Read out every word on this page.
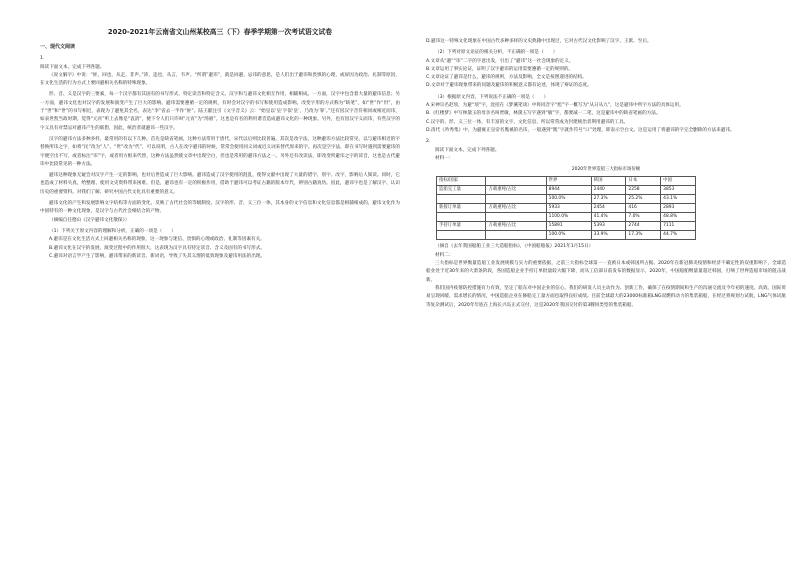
2020-2021年云南省文山州某校高三（下）春季学期第一次考试语文试卷
一、现代文阅读

1.

阅读下面文本，完成下列各题。

《说文解字》中说：“匪，回也，从走，非声。”沛，违也，从言，韦声。“所谓”避讳”，就是回避、忌讳的意思，是人们出于避讳和畏惧的心理，或屏因为政治、礼制等原因，在文化生活的行为方式上要回避相关名称的特殊现象。

形、音、义是汉字的三要素，每一个汉字都有其固有的书写形式、特定读音和特定含义。汉字和与避讳文化相互作用，相辅相成。一方面，汉字中包含着大量的避讳信息；另一方面，避讳文化也对汉字的发展和演变产生了巨大的影响。避讳需要遵循一定的规则，有时会对汉字的书写和使用造成影响。改变字形的方式称为“缺笔”，如“世”作“卅”，由于“世”和“世”的书写相近，表现为了避免其全名，表达“李”省去一半作“匪”。陆王献注引《文字音义》云：“始皇以‘皇’字似‘皇’，乃改为‘罪’。”还有因汉字音符相同或相近而讳，如表世凯当政时期，觉得“元宵”听上去像是“袁消”，便下令人们只许叫“元宵”为“汤圆”，这也是有名的利用谐音造成避讳文化的一种现象。另外，也有因汉字义而讳，有些汉字的字义具有对禁忌对避讳产生的联想，因此，统治者就避讳一些汉字。

汉字的避讳方法多种多样，最常用的有以下几种。首先是缺省笔画，这种方法常用于唐代，宋代以后则比较普遍。其次是改字法，这种避讳方法比较常见，以与避讳相近的字替换所讳之字，如将“民”改为“人”、“世”改为“代”，可以说明，古人在改字避讳的时候，常常会使用同义词或近义词来替代原来的字。再次是空字法，即在书写时遇到需要避讳的字便空出不写，或者标注“讳”字，或者用方框来代替，这种方法虽然使文章中出现空白，但也是常用的避讳方法之一。另外还有改读法，即改变所避讳之字的读音，这也是古代避讳中比较常见的一种方法。

避讳这种现象无疑会对汉字产生一定的影响，也对后世造成了巨大影响。避讳造成了汉字使用的混乱，使得文献中出现了大量的错字、别字、改字，影响后人阅读。同时，它也造成了材料失真，给整理、使用文史资料带来困难。但是，避讳也有一定的积极作用，借助于避讳可以考证古籍的版本年代，辨别古籍真伪。因此，避讳字也是了解汉字、认识历史的重要资料。对我们了解、研究中国古代文化具有重要的意义。

避讳文化的产生和发展影响文字结构等方面的变化，反映了古代社会的等级制度。汉字的形、音、义三位一体，其本身的文字信息和文化信息都是相辅相成的。避讳文化作为中国特有的一种文化现象，是汉字与古代社会相结合的产物。

（摘编自任德山《汉字避讳文化散探》）

（1）下列关于原文内容的理解和分析，正确的一项是（　　）

A.避讳是在文化生活方式上回避相关名称的现象，这一现象与迷信、畏惧的心理或政治、礼制等因素有关。

B.避讳文化在汉字的发展、演变过程中的作用很大，这表现为汉字具有特定读音、含义及固有的书写形式。

C.避讳对语言学产生了影响，避讳带来的新读音、新词语，导致了失其义理的低效现象及避讳用法的出现。

D.避讳这一特殊文化现象在中国古代多种多样的文史典籍中出现过，它对古代汉文化影响了汉字、王派、至后。

（2）下列对原文论证的相关分析，不正确的一项是（　　）

A.文章从“避”“讳”二字的字意出发，引出了“避讳”这一社会现象的定义。

B.文章运用了事实论证，证明了汉字避讳的运用需要遵循一定的规则的。

C.文章论证了避讳是什么，避讳的规则，方法及影响，全文是按照递进的结构。

D.文章对于避讳现象带来的问题及避讳的积极意义都有论述，体现了辩证的态度。

（3）根据原文内容，下列说法不正确的一项是（　　）

A.宋神宗名赵顼，为避“顼”字，沈括在《梦溪笔谈》中将同音字“旭”字一概写为“从日从九”，这是避讳中所字方法的具体运用。

B.《红楼梦》中写林黛玉的母亲名叫贾敏，林黛玉写字遇到“敏”字，都要减一二笔，这是避讳中的缺省笔画的方法。

C.汉字的、形、义三位一体，有丰富的文字、文化信息，所以常常成为封建统治者利用避讳的工具。

D.清代《吟秀集》中，为避雍正皇帝名胤禛的名讳，一般遇到“胤”字就作符号“口”处理，即表示空白文。这是运用了将避讳的字完全删除的方法来避讳。

2.

阅读下面文本，完成下列各题。

材料一：

2020年世界造船三大指标市场份额
指标/国家		世界	韩国	日本	中国
造船完工量	万载重吨/占比	8944	2440	2258	3853
		100.0%	27.3%	25.2%	43.1%
新接订单量	万载重吨/占比	5933	2454	416	2893
		1100.0%	41.4%	7.0%	48.8%
手持订单量	万载重吨/占比	15891	5393	2744	7111
		100.0%	33.9%	17.3%	44.7%

（摘自《去年我国船舶工业三大造船指标》，《中国船舶报》2021年1月15日）

材料二：

三大指标是世界衡量造船工业发展规模与实力的重要依据，之前三大指标全球第一一直被日本或韩国所占据。2020年在新冠肺炎疫情和经济不确定性的双重影响下，全球造船业处于近30年来的大萧条阶段，各国造船企业手持订单批量较大幅下降，而从工信部日前发布的数据显示，2020年，中国船舶继量量超过韩国，打响了世界造船市场的阻击战新。

我们国内疫情防控措施有力有效，坚定了船东对中国企业的信心。我们的研发人员主动作为、创新工作，确保了在疫情期间和生产的沟通交流及今年初的速度。高效。国际贸易呈现回暖、需求增长的情况，中国造船企业在修船完工量方面也取得良好成绩。目前全球最大的23000标准箱LNG双燃料动力的集装箱船，在经过将规划力试航，LNG气体试航等复杂测试后，2020年年底在上海长兴岛正式交付，这是2020年我国交付的第3艘同类型的集装箱船。
